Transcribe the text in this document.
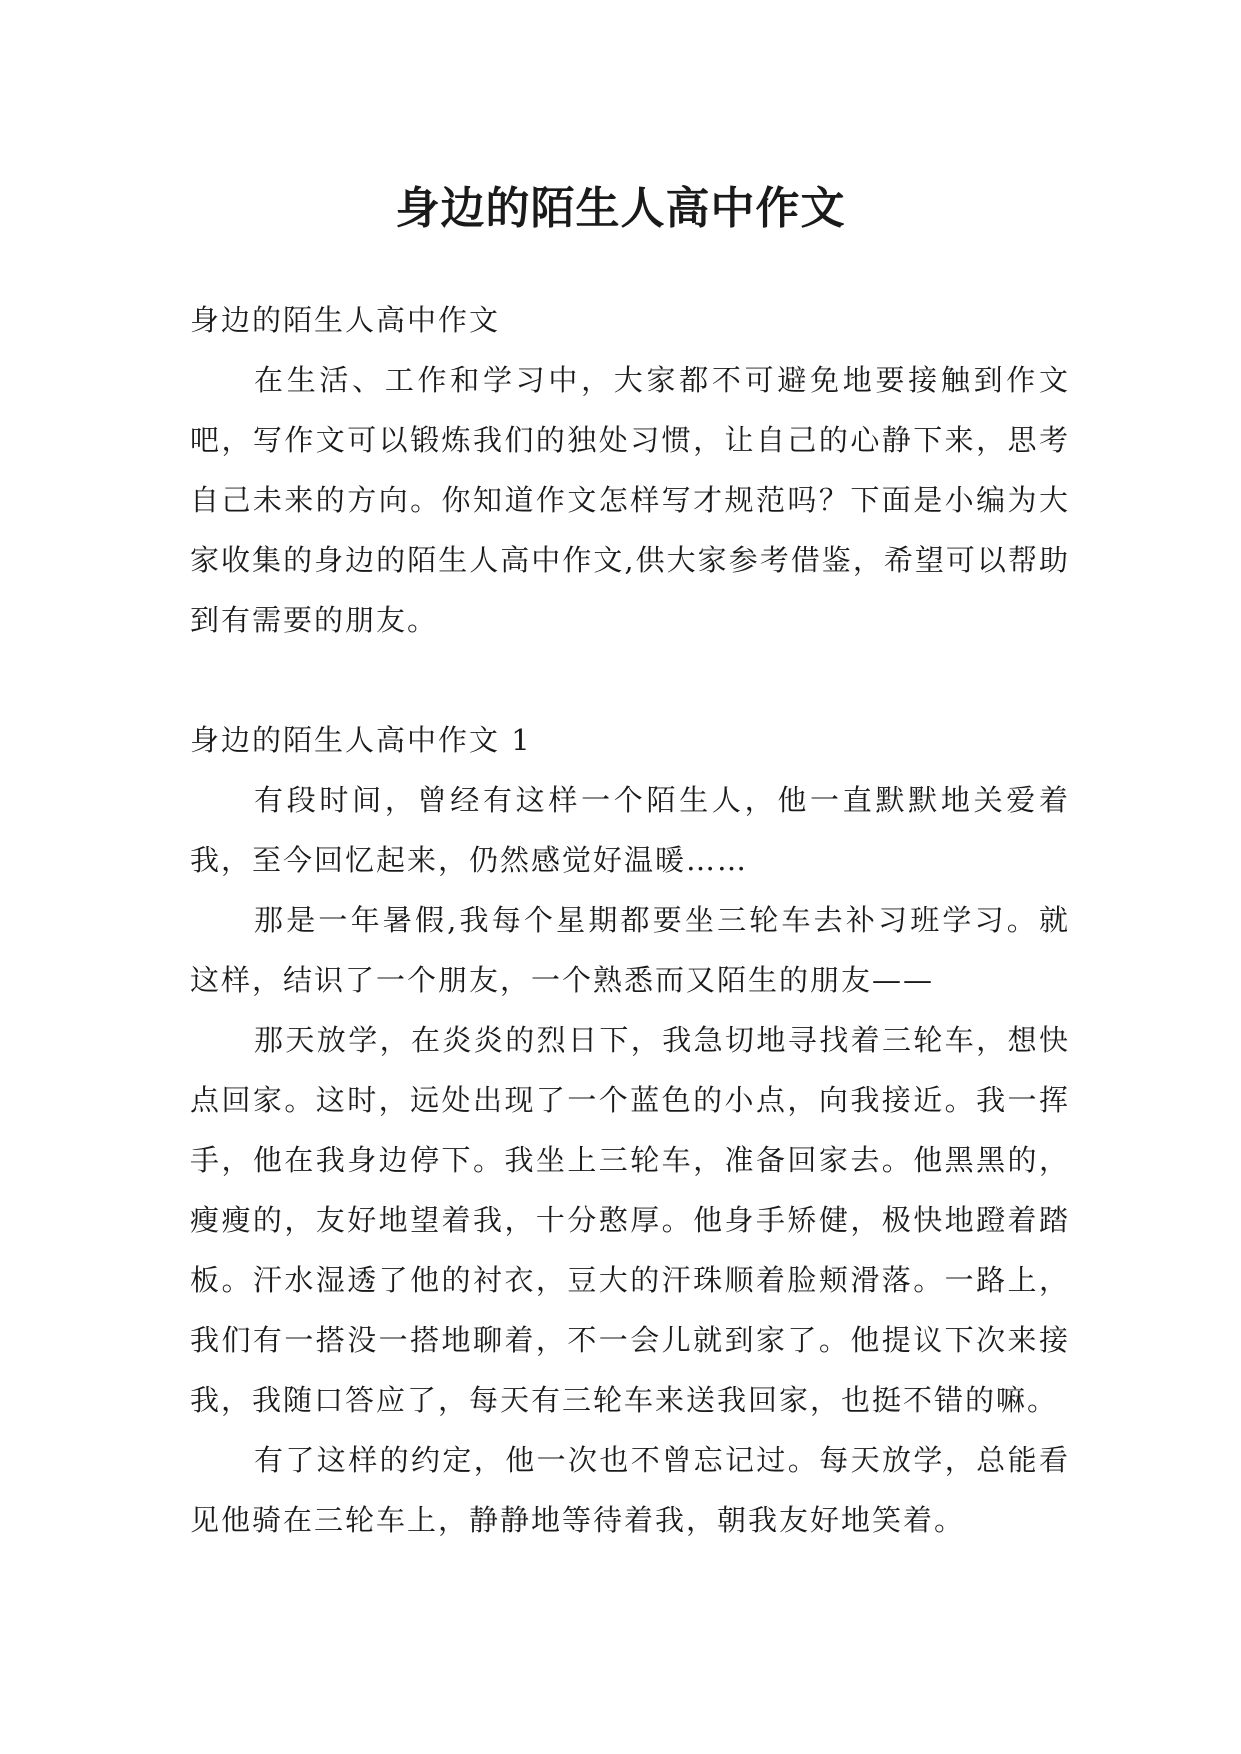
身边的陌生人高中作文

身边的陌生人高中作文

在生活、工作和学习中，大家都不可避免地要接触到作文吧，写作文可以锻炼我们的独处习惯，让自己的心静下来，思考自己未来的方向。你知道作文怎样写才规范吗？下面是小编为大家收集的身边的陌生人高中作文,供大家参考借鉴，希望可以帮助到有需要的朋友。

身边的陌生人高中作文 1

有段时间，曾经有这样一个陌生人，他一直默默地关爱着我，至今回忆起来，仍然感觉好温暖……

那是一年暑假,我每个星期都要坐三轮车去补习班学习。就这样，结识了一个朋友，一个熟悉而又陌生的朋友——

那天放学，在炎炎的烈日下，我急切地寻找着三轮车，想快点回家。这时，远处出现了一个蓝色的小点，向我接近。我一挥手，他在我身边停下。我坐上三轮车，准备回家去。他黑黑的，瘦瘦的，友好地望着我，十分憨厚。他身手矫健，极快地蹬着踏板。汗水湿透了他的衬衣，豆大的汗珠顺着脸颊滑落。一路上，我们有一搭没一搭地聊着，不一会儿就到家了。他提议下次来接我，我随口答应了，每天有三轮车来送我回家，也挺不错的嘛。

有了这样的约定，他一次也不曾忘记过。每天放学，总能看见他骑在三轮车上，静静地等待着我，朝我友好地笑着。
